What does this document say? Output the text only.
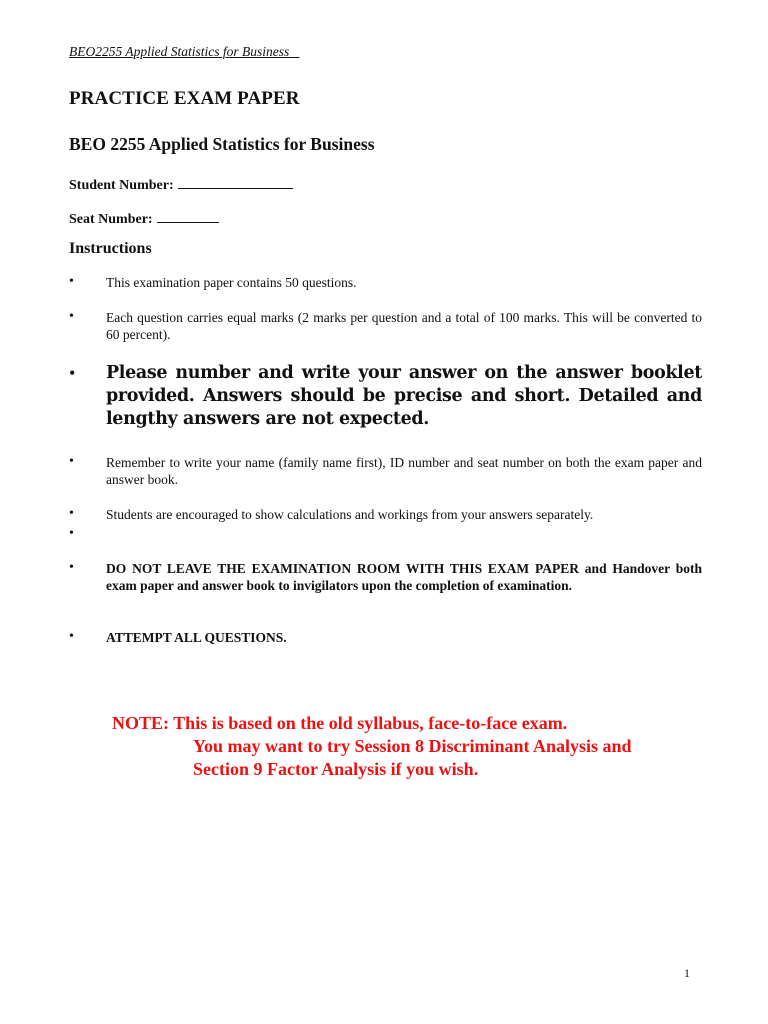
BEO2255 Applied Statistics for Business
PRACTICE EXAM PAPER
BEO 2255 Applied Statistics for Business
Student Number:
Seat Number:
Instructions
• This examination paper contains 50 questions.
• Each question carries equal marks (2 marks per question and a total of 100 marks. This will be converted to 60 percent).
• Please number and write your answer on the answer booklet provided. Answers should be precise and short. Detailed and lengthy answers are not expected.
• Remember to write your name (family name first), ID number and seat number on both the exam paper and answer book.
• Students are encouraged to show calculations and workings from your answers separately.
•
• DO NOT LEAVE THE EXAMINATION ROOM WITH THIS EXAM PAPER and Handover both exam paper and answer book to invigilators upon the completion of examination.
• ATTEMPT ALL QUESTIONS.
NOTE: This is based on the old syllabus, face-to-face exam.
You may want to try Session 8 Discriminant Analysis and
Section 9 Factor Analysis if you wish.
1
